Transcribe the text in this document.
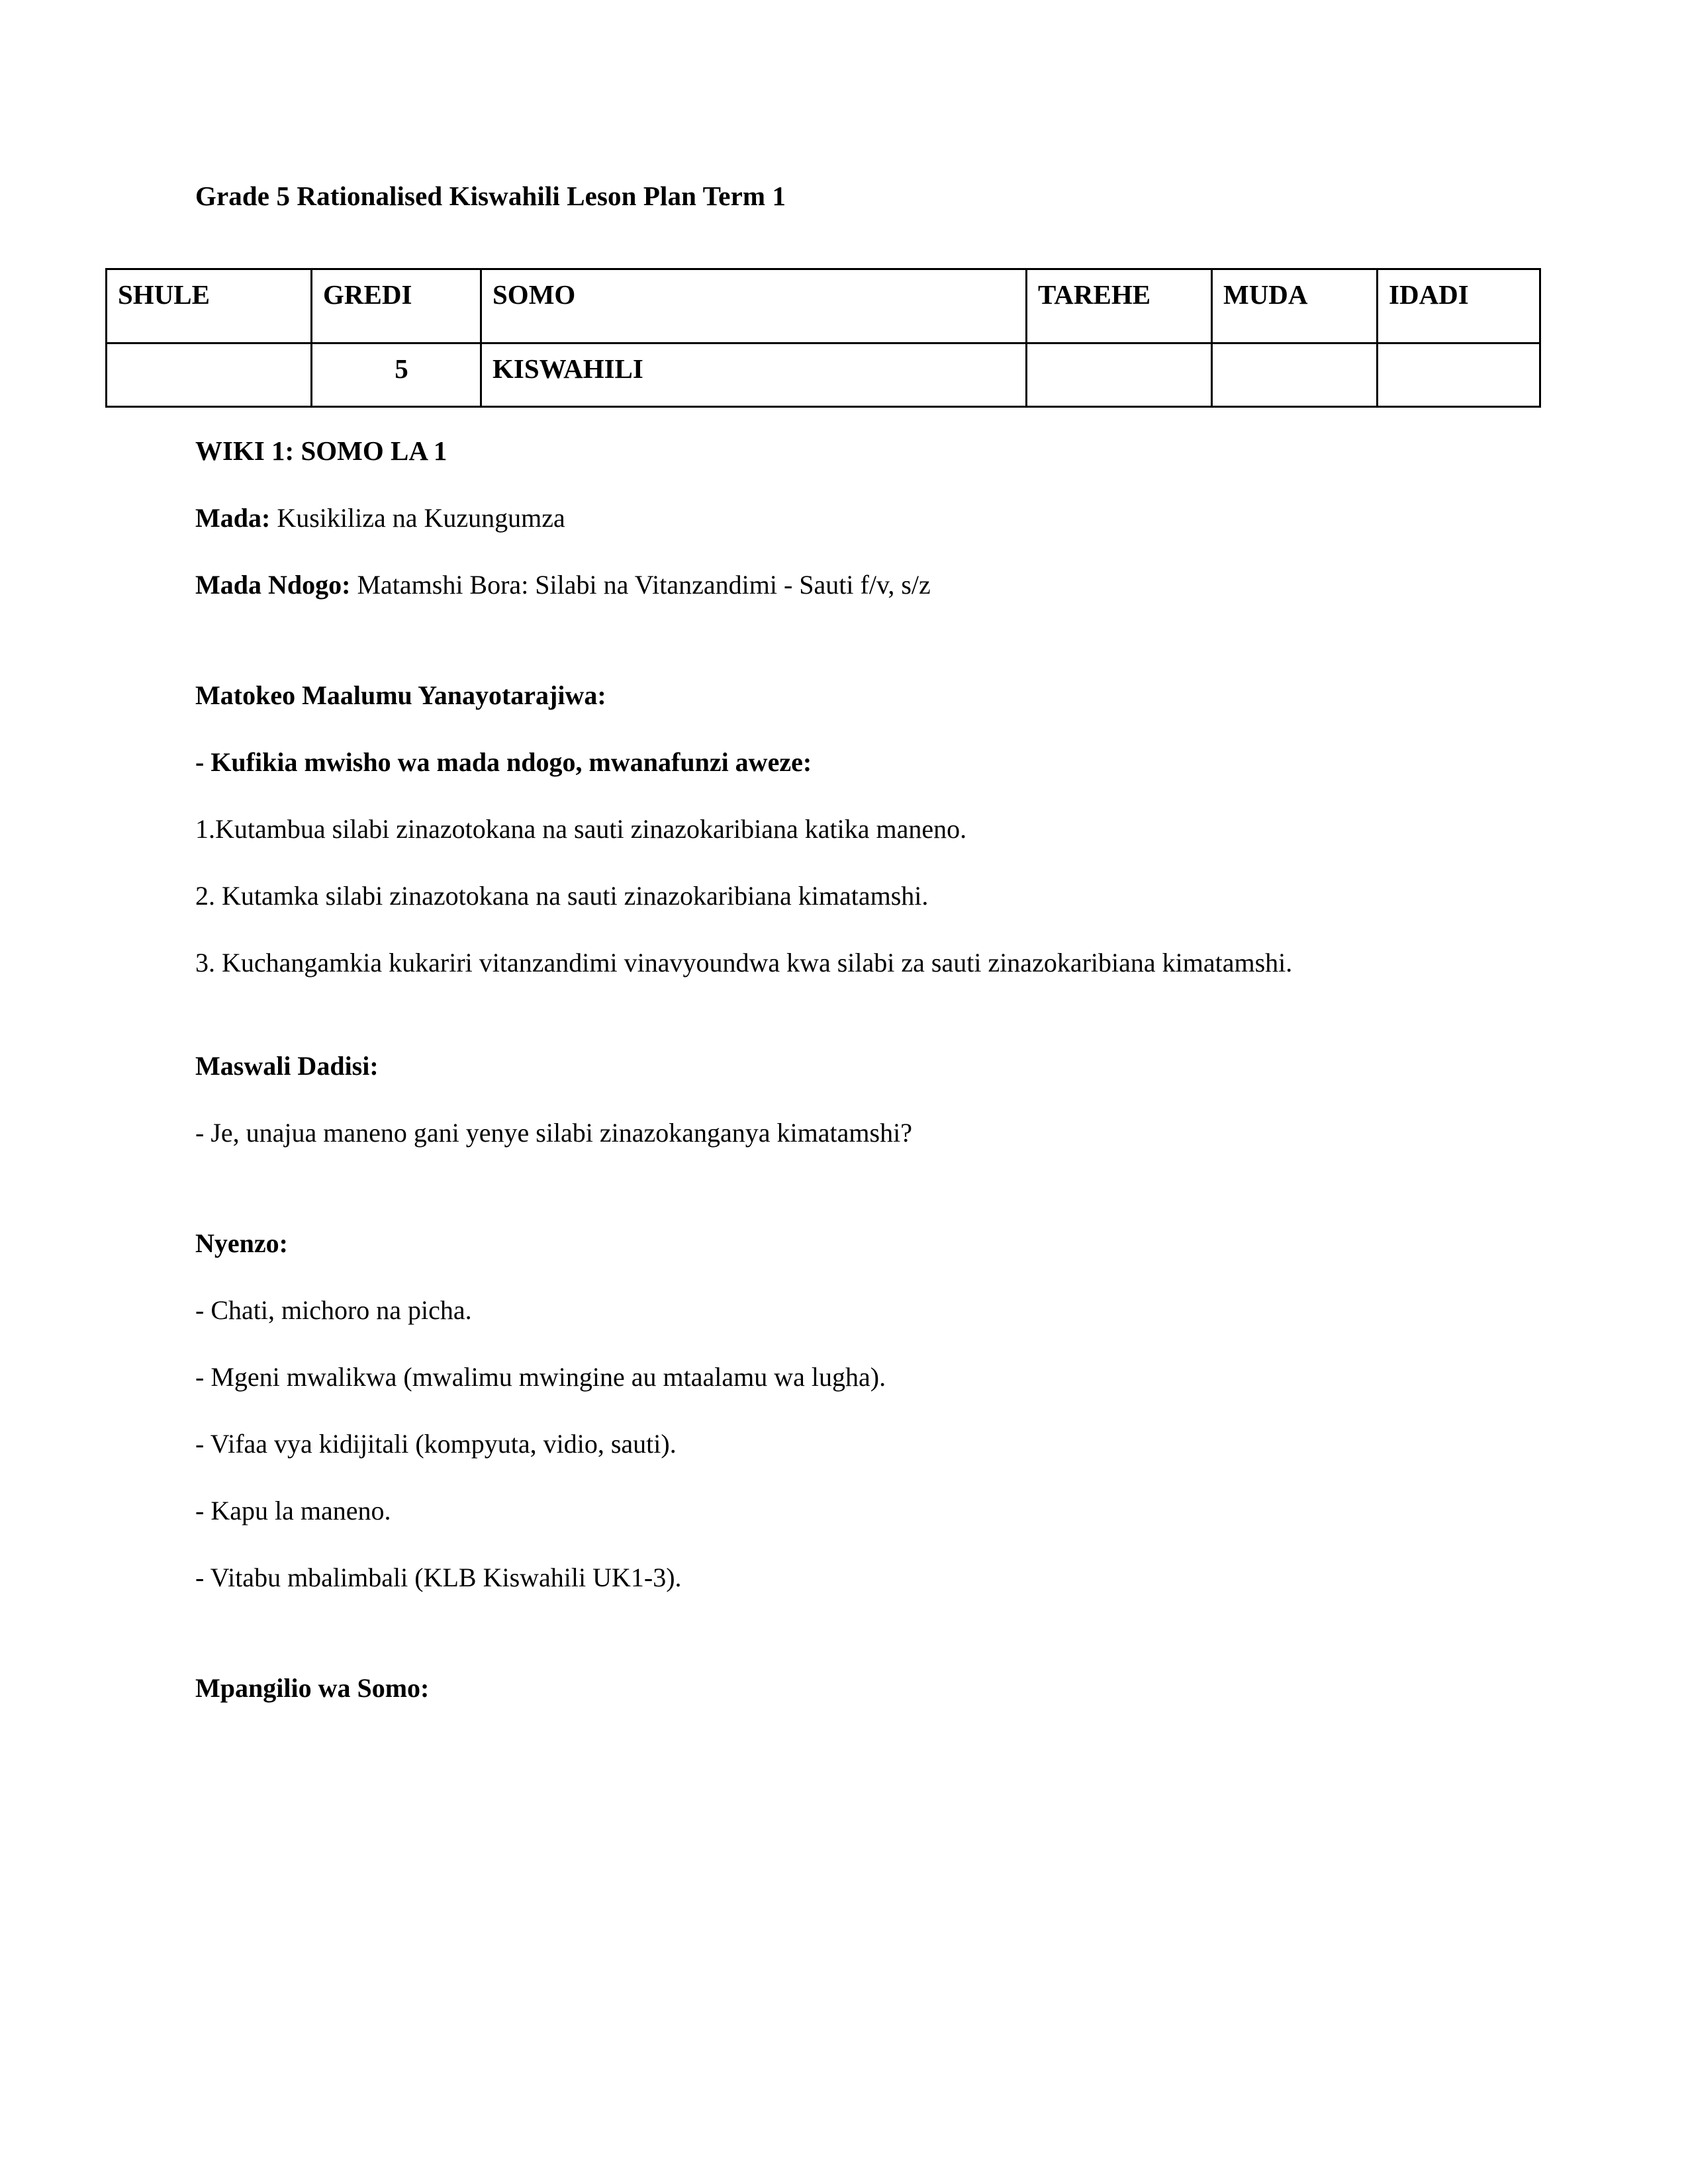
Grade 5 Rationalised Kiswahili Leson Plan Term 1
SHULE	GREDI	SOMO	TAREHE	MUDA	IDADI
	5	KISWAHILI			

WIKI 1: SOMO LA 1

Mada: Kusikiliza na Kuzungumza

Mada Ndogo: Matamshi Bora: Silabi na Vitanzandimi - Sauti f/v, s/z

Matokeo Maalumu Yanayotarajiwa:

- Kufikia mwisho wa mada ndogo, mwanafunzi aweze:

1.Kutambua silabi zinazotokana na sauti zinazokaribiana katika maneno.

2. Kutamka silabi zinazotokana na sauti zinazokaribiana kimatamshi.

3. Kuchangamkia kukariri vitanzandimi vinavyoundwa kwa silabi za sauti zinazokaribiana kimatamshi.

Maswali Dadisi:

- Je, unajua maneno gani yenye silabi zinazokanganya kimatamshi?

Nyenzo:

- Chati, michoro na picha.

- Mgeni mwalikwa (mwalimu mwingine au mtaalamu wa lugha).

- Vifaa vya kidijitali (kompyuta, vidio, sauti).

- Kapu la maneno.

- Vitabu mbalimbali (KLB Kiswahili UK1-3).

Mpangilio wa Somo:
